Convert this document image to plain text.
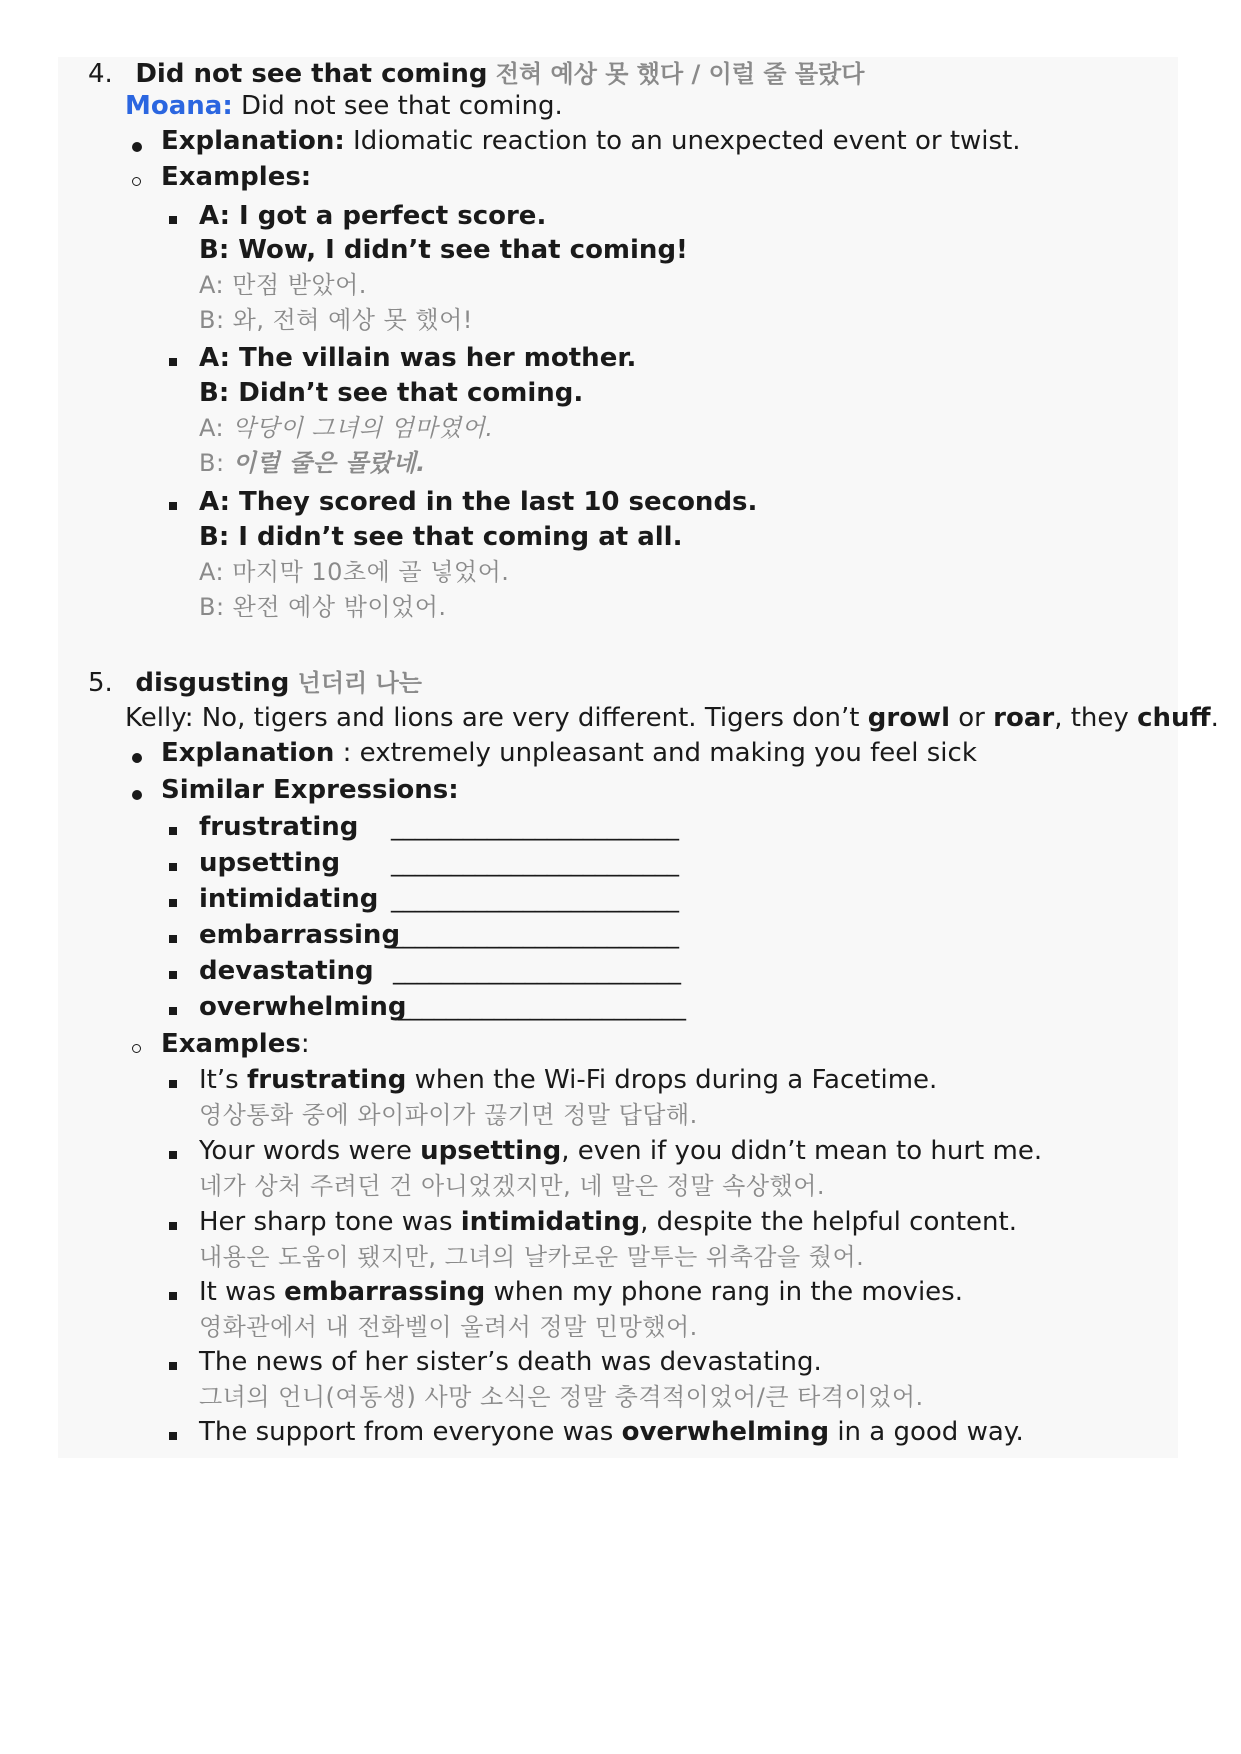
4. Did not see that coming 전혀 예상 못 했다 / 이럴 줄 몰랐다
Moana: Did not see that coming.
Explanation: Idiomatic reaction to an unexpected event or twist.
Examples:
A: I got a perfect score.
B: Wow, I didn’t see that coming!
A: 만점 받았어.
B: 와, 전혀 예상 못 했어!
A: The villain was her mother.
B: Didn’t see that coming.
A: 악당이 그녀의 엄마였어.
B: 이럴 줄은 몰랐네.
A: They scored in the last 10 seconds.
B: I didn’t see that coming at all.
A: 마지막 10초에 골 넣었어.
B: 완전 예상 밖이었어.
5. disgusting 넌더리 나는
Kelly: No, tigers and lions are very different. Tigers don’t growl or roar, they chuff.
Explanation : extremely unpleasant and making you feel sick
Similar Expressions:
frustrating ________________________
upsetting ________________________
intimidating ________________________
embarrassing
________________________
devastating ________________________
overwhelming
________________________
Examples:
It’s frustrating when the Wi-Fi drops during a Facetime.
영상통화 중에 와이파이가 끊기면 정말 답답해.
Your words were upsetting, even if you didn’t mean to hurt me.
네가 상처 주려던 건 아니었겠지만, 네 말은 정말 속상했어.
Her sharp tone was intimidating, despite the helpful content.
내용은 도움이 됐지만, 그녀의 날카로운 말투는 위축감을 줬어.
It was embarrassing when my phone rang in the movies.
영화관에서 내 전화벨이 울려서 정말 민망했어.
The news of her sister’s death was devastating.
그녀의 언니(여동생) 사망 소식은 정말 충격적이었어/큰 타격이었어.
The support from everyone was overwhelming in a good way.
